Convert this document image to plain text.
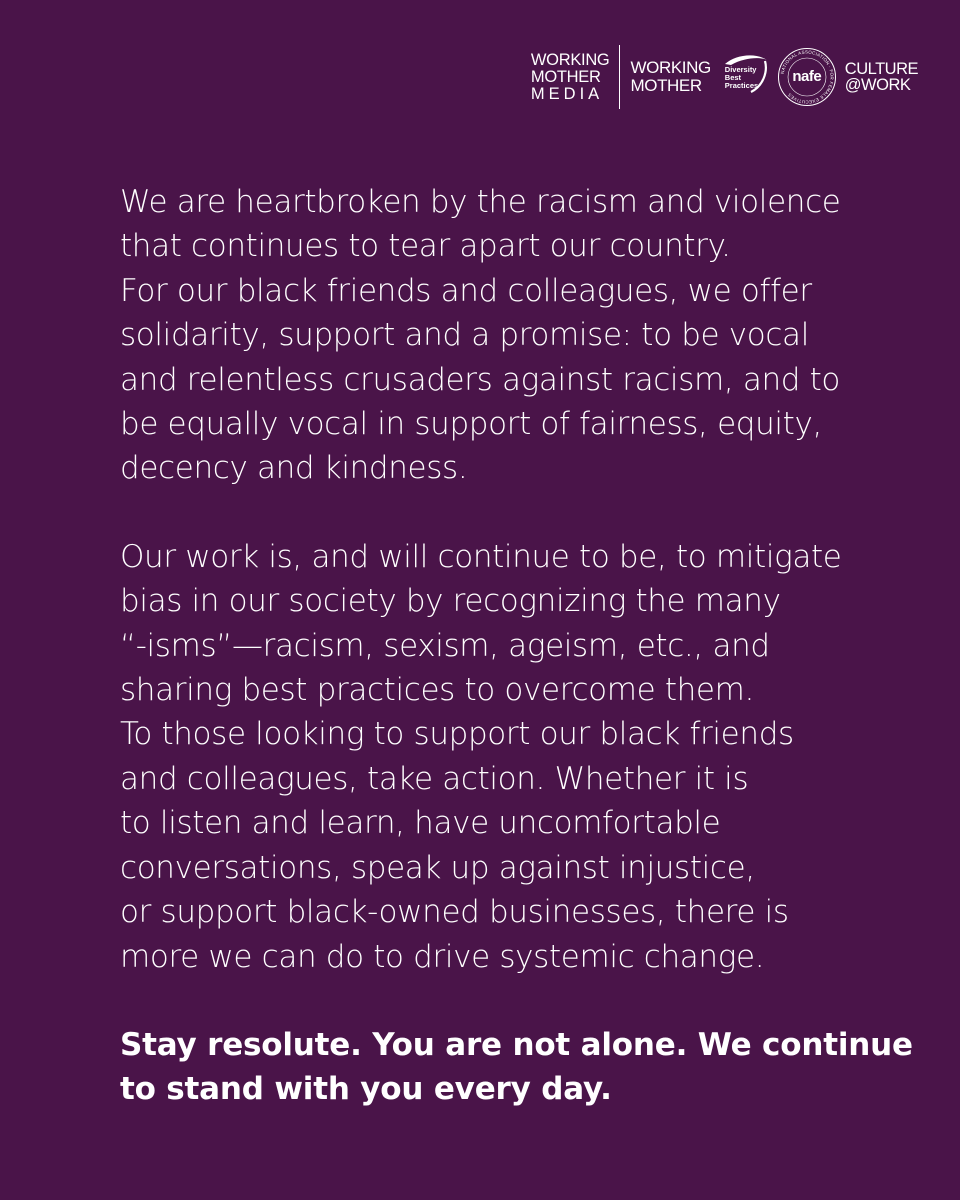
WORKING
MOTHER
MEDIA
WORKING
MOTHER
Diversity
Best
Practices
NATIONAL ASSOCIATION · FOR FEMALE EXECUTIVES
nafe	CULTURE
@WORK

We are heartbroken by the racism and violence

that continues to tear apart our country.

For our black friends and colleagues, we offer

solidarity, support and a promise: to be vocal

and relentless crusaders against racism, and to

be equally vocal in support of fairness, equity,

decency and kindness.

Our work is, and will continue to be, to mitigate

bias in our society by recognizing the many

“-isms”—racism, sexism, ageism, etc., and

sharing best practices to overcome them.

To those looking to support our black friends

and colleagues, take action. Whether it is

to listen and learn, have uncomfortable

conversations, speak up against injustice,

or support black-owned businesses, there is

more we can do to drive systemic change.

Stay resolute. You are not alone. We continue

to stand with you every day.
